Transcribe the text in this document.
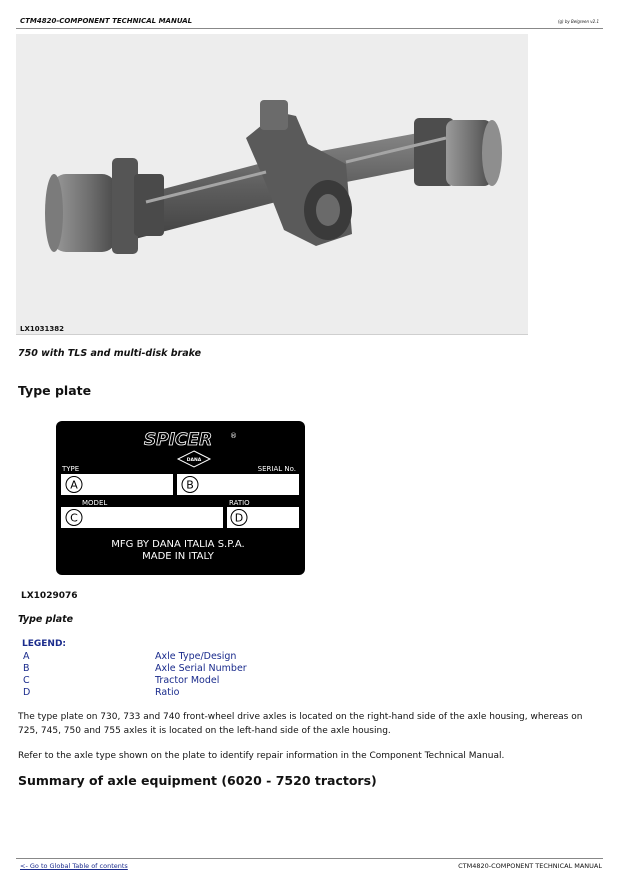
CTM4820-COMPONENT TECHNICAL MANUAL	(g) by Belgreen v2.1
LX1031382
750 with TLS and multi-disk brake
Type plate
SPICER	®
DANA
TYPE	SERIAL No.
A	B
MODEL	RATIO
C	D
MFG BY DANA ITALIA S.P.A.
MADE IN ITALY
LX1029076
Type plate
LEGEND:
A	Axle Type/Design
B	Axle Serial Number
C	Tractor Model
D	Ratio
The type plate on 730, 733 and 740 front-wheel drive axles is located on the right-hand side of the axle housing, whereas on 725, 745, 750 and 755 axles it is located on the left-hand side of the axle housing.
Refer to the axle type shown on the plate to identify repair information in the Component Technical Manual.
Summary of axle equipment (6020 - 7520 tractors)
<- Go to Global Table of contents	CTM4820-COMPONENT TECHNICAL MANUAL
